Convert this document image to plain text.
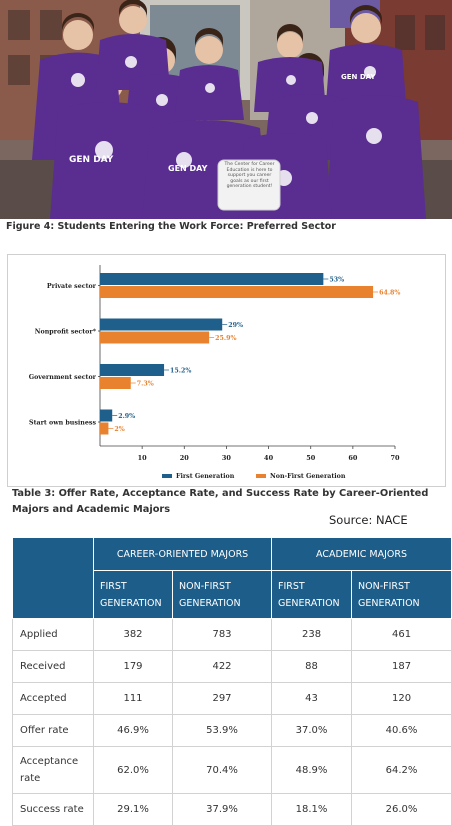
GEN DAY
GEN DAY
GEN DAY
The Center for Career Education is here to support you career goals as our first generation student!
Figure 4: Students Entering the Work Force: Preferred Sector
10	20	30	40	50	60	70
Private sector
53%
64.8%
Nonprofit sector*
29%
25.9%
Government sector
15.2%
7.3%
Start own business
2.9%
2%
First Generation	Non-First Generation
Table 3: Offer Rate, Acceptance Rate, and Success Rate by Career-Oriented Majors and Academic Majors
Source: NACE
	CAREER-ORIENTED MAJORS		ACADEMIC MAJORS	
	FIRST
GENERATION	NON-FIRST
GENERATION	FIRST
GENERATION	NON-FIRST
GENERATION
Applied	382	783	238	461
Received	179	422	88	187
Accepted	111	297	43	120
Offer rate	46.9%	53.9%	37.0%	40.6%
Acceptance
rate	62.0%	70.4%	48.9%	64.2%
Success rate	29.1%	37.9%	18.1%	26.0%
